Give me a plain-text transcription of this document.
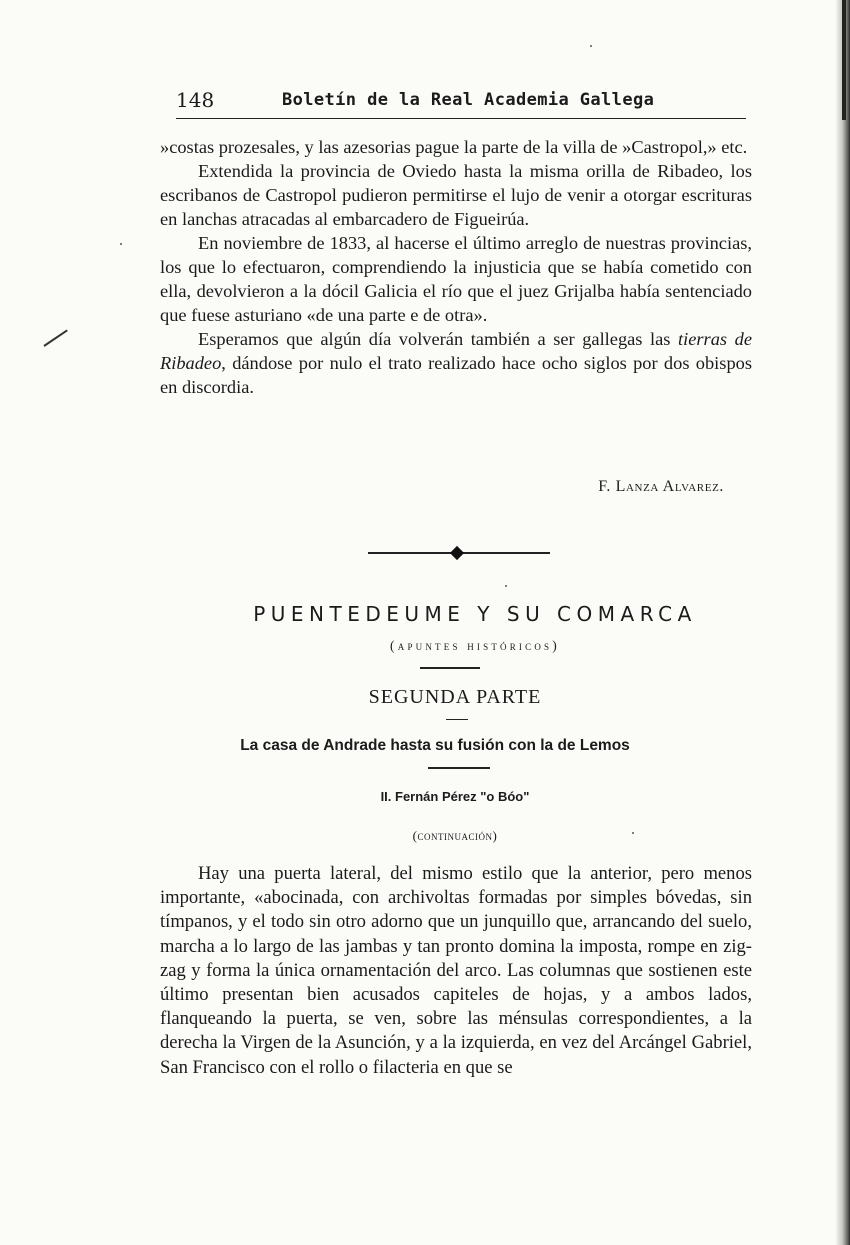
148	Boletín de la Real Academia Gallega

»costas prozesales, y las azesorias pague la parte de la villa de »Castropol,» etc.

Extendida la provincia de Oviedo hasta la misma orilla de Ribadeo, los escribanos de Castropol pudieron permitirse el lujo de venir a otorgar escrituras en lanchas atracadas al embarcadero de Figueirúa.

En noviembre de 1833, al hacerse el último arreglo de nuestras provincias, los que lo efectuaron, comprendiendo la injusticia que se había cometido con ella, devolvieron a la dócil Galicia el río que el juez Grijalba había sentenciado que fuese asturiano «de una parte e de otra».

Esperamos que algún día volverán también a ser gallegas las tierras de Ribadeo, dándose por nulo el trato realizado hace ocho siglos por dos obispos en discordia.

F. Lanza Alvarez.
PUENTEDEUME Y SU COMARCA
(apuntes históricos)
SEGUNDA PARTE
La casa de Andrade hasta su fusión con la de Lemos
II. Fernán Pérez "o Bóo"
(continuación)

Hay una puerta lateral, del mismo estilo que la anterior, pero menos importante, «abocinada, con archivoltas formadas por simples bóvedas, sin tímpanos, y el todo sin otro adorno que un junquillo que, arrancando del suelo, marcha a lo largo de las jambas y tan pronto domina la imposta, rompe en zig-zag y forma la única ornamentación del arco. Las columnas que sostienen este último presentan bien acusados capiteles de hojas, y a ambos lados, flanqueando la puerta, se ven, sobre las ménsulas correspondientes, a la derecha la Virgen de la Asunción, y a la izquierda, en vez del Arcángel Gabriel, San Francisco con el rollo o filacteria en que se
